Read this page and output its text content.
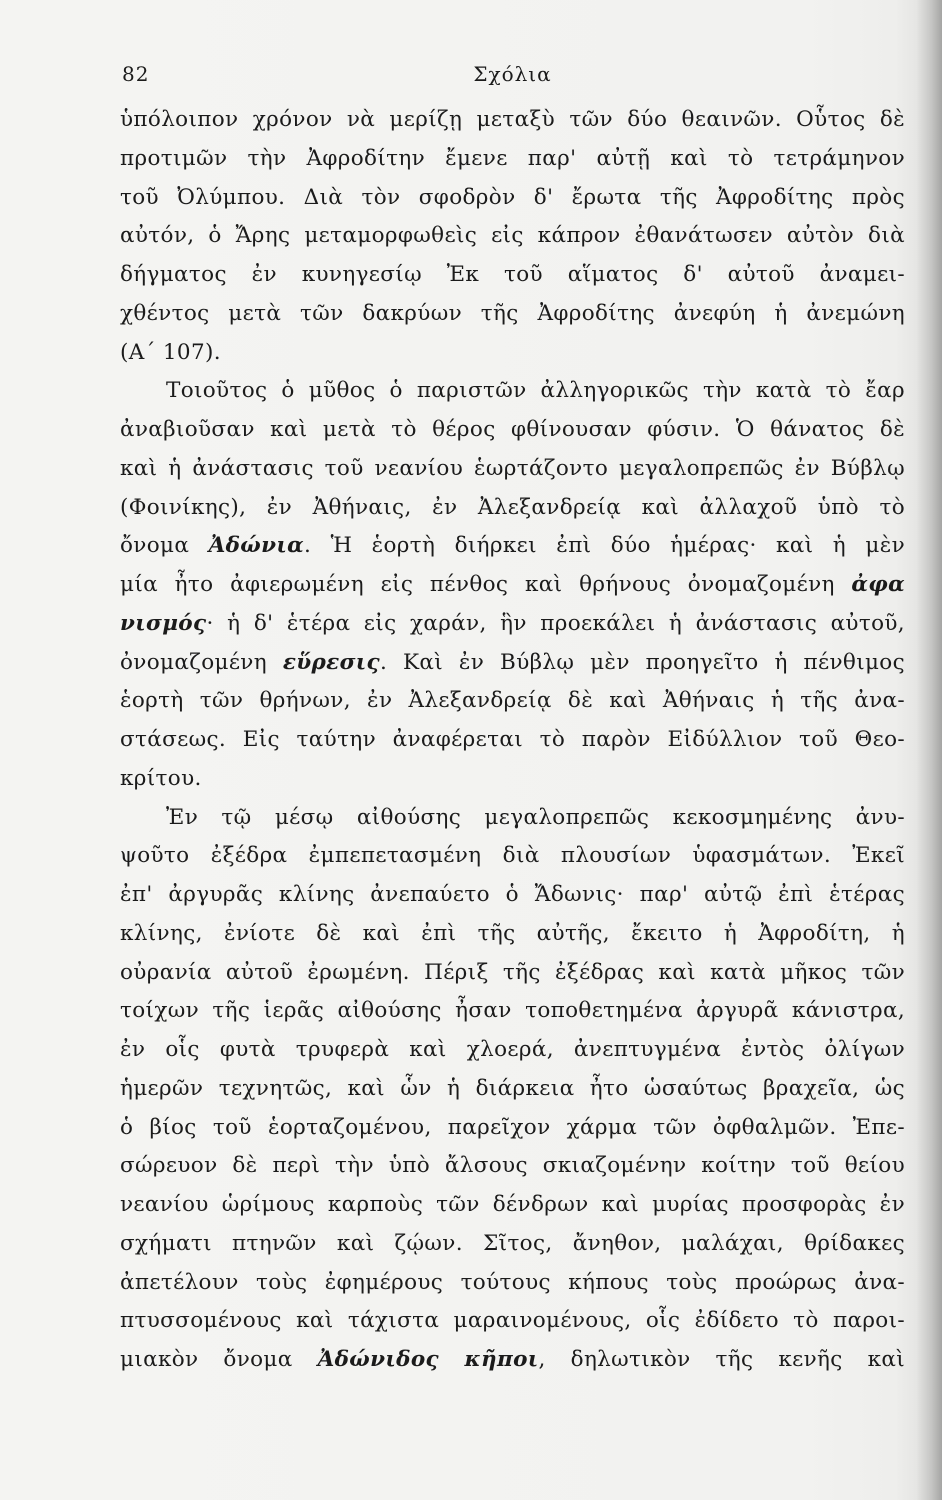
82	Σχόλια
ὑπόλοιπον χρόνον νὰ μερίζῃ μεταξὺ τῶν δύο θεαινῶν. Οὗτος δὲ
προτιμῶν τὴν Ἀφροδίτην ἔμενε παρ' αὐτῇ καὶ τὸ τετράμηνον
τοῦ Ὀλύμπου. Διὰ τὸν σφοδρὸν δ' ἔρωτα τῆς Ἀφροδίτης πρὸς
αὐτόν, ὁ Ἄρης μεταμορφωθεὶς εἰς κάπρον ἐθανάτωσεν αὐτὸν διὰ
δήγματος ἐν κυνηγεσίῳ Ἐκ τοῦ αἵματος δ' αὐτοῦ ἀναμει-
χθέντος μετὰ τῶν δακρύων τῆς Ἀφροδίτης ἀνεφύη ἡ ἀνεμώνη
(Α´ 107).
Τοιοῦτος ὁ μῦθος ὁ παριστῶν ἀλληγορικῶς τὴν κατὰ τὸ ἔαρ
ἀναβιοῦσαν καὶ μετὰ τὸ θέρος φθίνουσαν φύσιν. Ὁ θάνατος δὲ
καὶ ἡ ἀνάστασις τοῦ νεανίου ἑωρτάζοντο μεγαλοπρεπῶς ἐν Βύβλῳ
(Φοινίκης), ἐν Ἀθήναις, ἐν Ἀλεξανδρείᾳ καὶ ἀλλαχοῦ ὑπὸ τὸ
ὄνομα Ἀδώνια. Ἡ ἑορτὴ διήρκει ἐπὶ δύο ἡμέρας· καὶ ἡ μὲν
μία ἦτο ἀφιερωμένη εἰς πένθος καὶ θρήνους ὀνομαζομένη ἀφα
νισμός· ἡ δ' ἑτέρα εἰς χαράν, ἣν προεκάλει ἡ ἀνάστασις αὐτοῦ,
ὀνομαζομένη εὕρεσις. Καὶ ἐν Βύβλῳ μὲν προηγεῖτο ἡ πένθιμος
ἑορτὴ τῶν θρήνων, ἐν Ἀλεξανδρείᾳ δὲ καὶ Ἀθήναις ἡ τῆς ἀνα-
στάσεως. Εἰς ταύτην ἀναφέρεται τὸ παρὸν Εἰδύλλιον τοῦ Θεο-
κρίτου.
Ἐν τῷ μέσῳ αἰθούσης μεγαλοπρεπῶς κεκοσμημένης ἀνυ-
ψοῦτο ἐξέδρα ἐμπεπετασμένη διὰ πλουσίων ὑφασμάτων. Ἐκεῖ
ἐπ' ἀργυρᾶς κλίνης ἀνεπαύετο ὁ Ἄδωνις· παρ' αὐτῷ ἐπὶ ἑτέρας
κλίνης, ἐνίοτε δὲ καὶ ἐπὶ τῆς αὐτῆς, ἔκειτο ἡ Ἀφροδίτη, ἡ
οὐρανία αὐτοῦ ἐρωμένη. Πέριξ τῆς ἐξέδρας καὶ κατὰ μῆκος τῶν
τοίχων τῆς ἱερᾶς αἰθούσης ἦσαν τοποθετημένα ἀργυρᾶ κάνιστρα,
ἐν οἷς φυτὰ τρυφερὰ καὶ χλοερά, ἀνεπτυγμένα ἐντὸς ὀλίγων
ἡμερῶν τεχνητῶς, καὶ ὧν ἡ διάρκεια ἦτο ὡσαύτως βραχεῖα, ὡς
ὁ βίος τοῦ ἑορταζομένου, παρεῖχον χάρμα τῶν ὀφθαλμῶν. Ἐπε-
σώρευον δὲ περὶ τὴν ὑπὸ ἄλσους σκιαζομένην κοίτην τοῦ θείου
νεανίου ὡρίμους καρποὺς τῶν δένδρων καὶ μυρίας προσφορὰς ἐν
σχήματι πτηνῶν καὶ ζῴων. Σῖτος, ἄνηθον, μαλάχαι, θρίδακες
ἀπετέλουν τοὺς ἐφημέρους τούτους κήπους τοὺς προώρως ἀνα-
πτυσσομένους καὶ τάχιστα μαραινομένους, οἷς ἐδίδετο τὸ παροι-
μιακὸν ὄνομα Ἀδώνιδος κῆποι, δηλωτικὸν τῆς κενῆς καὶ
